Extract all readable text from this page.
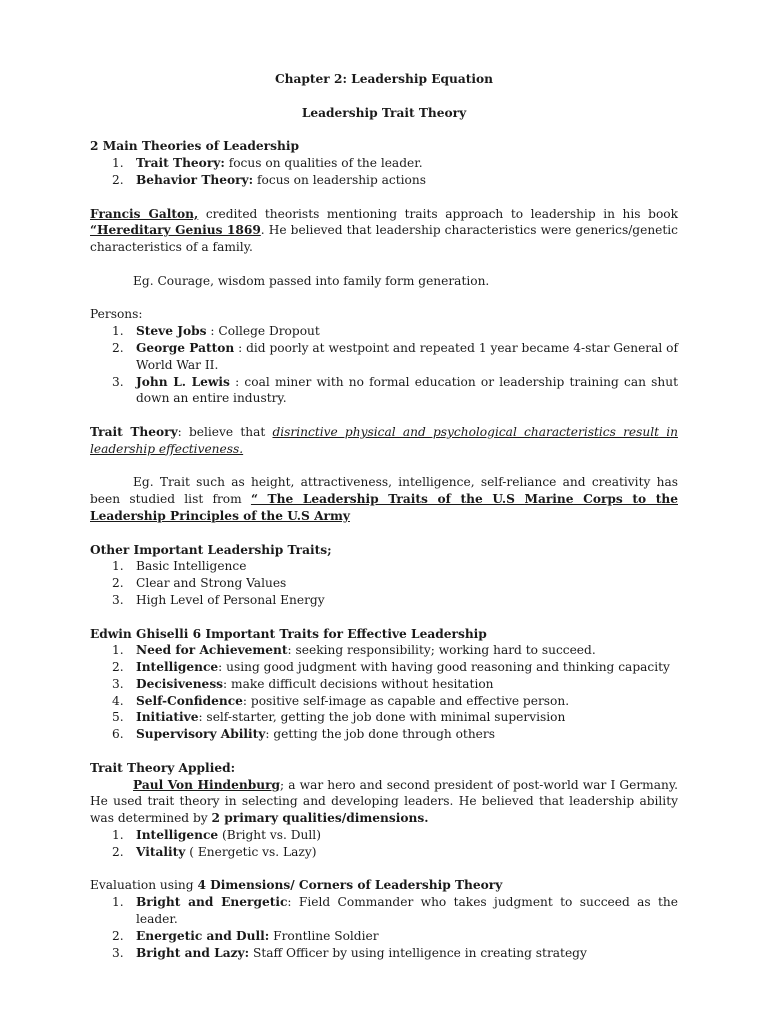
Chapter 2: Leadership Equation

Leadership Trait Theory

2 Main Theories of Leadership

1. Trait Theory: focus on qualities of the leader.
2. Behavior Theory: focus on leadership actions

Francis Galton, credited theorists mentioning traits approach to leadership in his book “Hereditary Genius 1869. He believed that leadership characteristics were generics/genetic characteristics of a family.

Eg. Courage, wisdom passed into family form generation.

Persons:

1. Steve Jobs : College Dropout
2. George Patton : did poorly at westpoint and repeated 1 year became 4-star General of World War II.
3. John L. Lewis : coal miner with no formal education or leadership training can shut down an entire industry.

Trait Theory: believe that disrinctive physical and psychological characteristics result in leadership effectiveness.

Eg. Trait such as height, attractiveness, intelligence, self-reliance and creativity has been studied list from “ The Leadership Traits of the U.S Marine Corps to the Leadership Principles of the U.S Army

Other Important Leadership Traits;

1. Basic Intelligence
2. Clear and Strong Values
3. High Level of Personal Energy

Edwin Ghiselli 6 Important Traits for Effective Leadership

1. Need for Achievement: seeking responsibility; working hard to succeed.
2. Intelligence: using good judgment with having good reasoning and thinking capacity
3. Decisiveness: make difficult decisions without hesitation
4. Self-Confidence: positive self-image as capable and effective person.
5. Initiative: self-starter, getting the job done with minimal supervision
6. Supervisory Ability: getting the job done through others

Trait Theory Applied:

Paul Von Hindenburg; a war hero and second president of post-world war I Germany. He used trait theory in selecting and developing leaders. He believed that leadership ability was determined by 2 primary qualities/dimensions.

1. Intelligence (Bright vs. Dull)
2. Vitality ( Energetic vs. Lazy)

Evaluation using 4 Dimensions/ Corners of Leadership Theory

1. Bright and Energetic: Field Commander who takes judgment to succeed as the leader.
2. Energetic and Dull: Frontline Soldier
3. Bright and Lazy: Staff Officer by using intelligence in creating strategy
